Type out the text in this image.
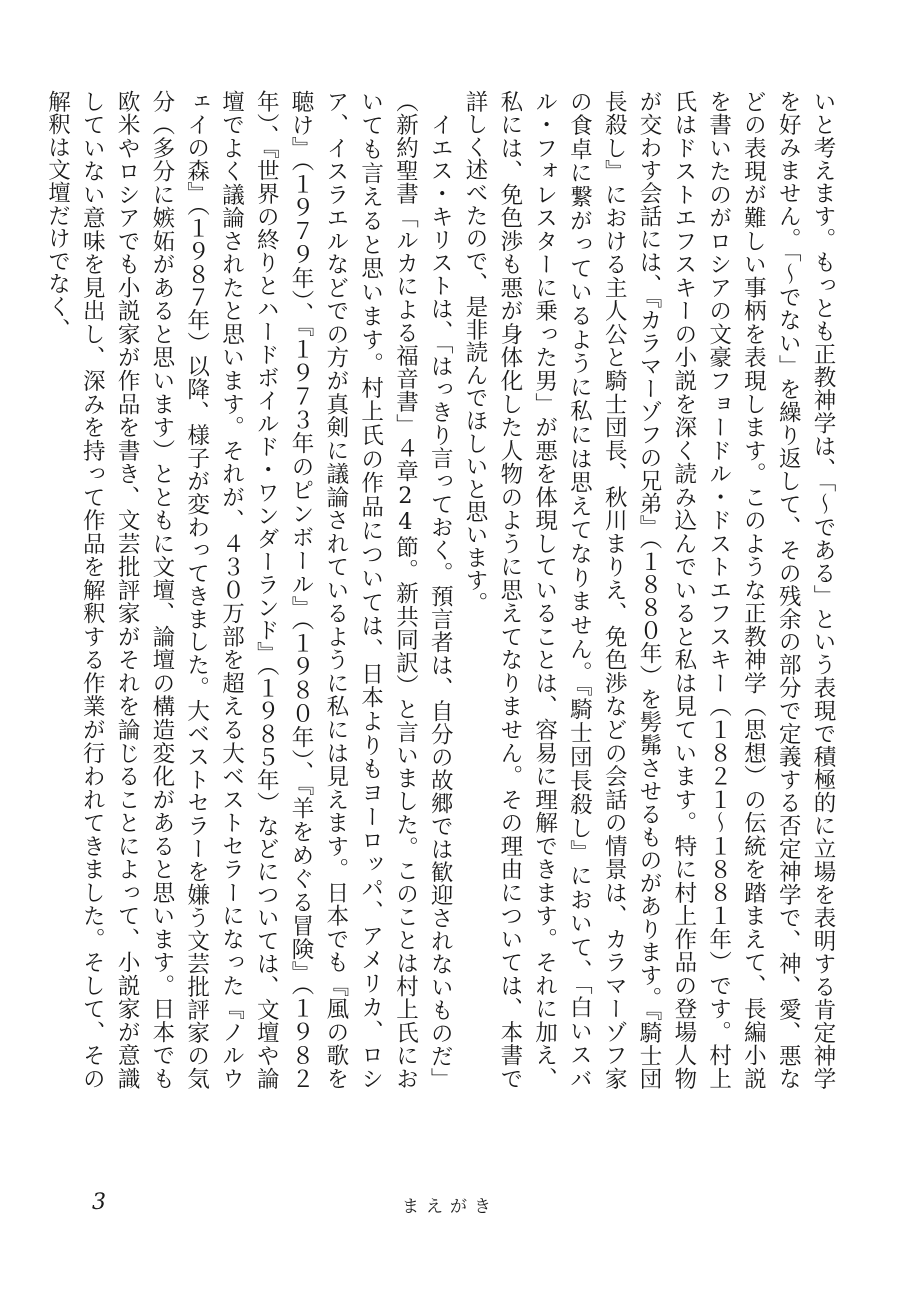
いと考えます。もっとも正教神学は、「〜である」という表現で積極的に立場を表明する肯定神学を好みません。「〜でない」を繰り返して、その残余の部分で定義する否定神学で、神、愛、悪などの表現が難しい事柄を表現します。このような正教神学（思想）の伝統を踏まえて、長編小説を書いたのがロシアの文豪フョードル・ドストエフスキー（１８２１〜１８８１年）です。村上氏はドストエフスキーの小説を深く読み込んでいると私は見ています。特に村上作品の登場人物が交わす会話には、『カラマーゾフの兄弟』（１８８０年）を髣髴させるものがあります。『騎士団長殺し』における主人公と騎士団長、秋川まりえ、免色渉などの会話の情景は、カラマーゾフ家の食卓に繋がっているように私には思えてなりません。『騎士団長殺し』において、「白いスバル・フォレスターに乗った男」が悪を体現していることは、容易に理解できます。それに加え、私には、免色渉も悪が身体化した人物のように思えてなりません。その理由については、本書で詳しく述べたので、是非読んでほしいと思います。

イエス・キリストは、「はっきり言っておく。預言者は、自分の故郷では歓迎されないものだ」（新約聖書「ルカによる福音書」４章24節。新共同訳）と言いました。このことは村上氏においても言えると思います。村上氏の作品については、日本よりもヨーロッパ、アメリカ、ロシア、イスラエルなどでの方が真剣に議論されているように私には見えます。日本でも『風の歌を聴け』（１９７９年）、『１９７３年のピンボール』（１９８０年）、『羊をめぐる冒険』（１９８２年）、『世界の終りとハードボイルド・ワンダーランド』（１９８５年）などについては、文壇や論壇でよく議論されたと思います。それが、４３０万部を超える大ベストセラーになった『ノルウェイの森』（１９８７年）以降、様子が変わってきました。大ベストセラーを嫌う文芸批評家の気分（多分に嫉妬があると思います）とともに文壇、論壇の構造変化があると思います。日本でも欧米やロシアでも小説家が作品を書き、文芸批評家がそれを論じることによって、小説家が意識していない意味を見出し、深みを持って作品を解釈する作業が行われてきました。そして、その解釈は文壇だけでなく、

3	まえがき
